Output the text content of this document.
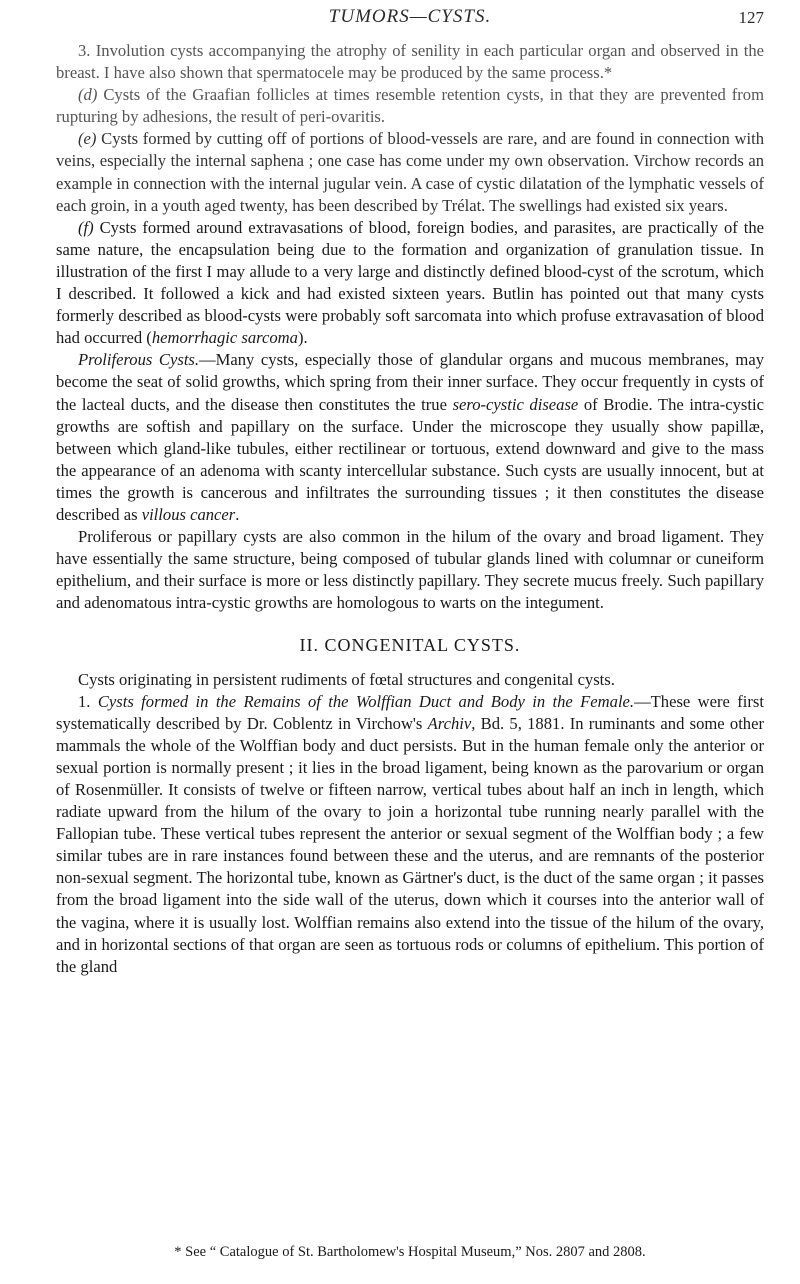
TUMORS—CYSTS.	127

3. Involution cysts accompanying the atrophy of senility in each particular organ and observed in the breast. I have also shown that spermatocele may be produced by the same process.*

(d) Cysts of the Graafian follicles at times resemble retention cysts, in that they are prevented from rupturing by adhesions, the result of peri-ovaritis.

(e) Cysts formed by cutting off of portions of blood-vessels are rare, and are found in connection with veins, especially the internal saphena ; one case has come under my own observation. Virchow records an example in connection with the internal jugular vein. A case of cystic dilatation of the lymphatic vessels of each groin, in a youth aged twenty, has been described by Trélat. The swellings had existed six years.

(f) Cysts formed around extravasations of blood, foreign bodies, and parasites, are practically of the same nature, the encapsulation being due to the formation and organization of granulation tissue. In illustration of the first I may allude to a very large and distinctly defined blood-cyst of the scrotum, which I described. It followed a kick and had existed sixteen years. Butlin has pointed out that many cysts formerly described as blood-cysts were probably soft sarcomata into which profuse extravasation of blood had occurred (hemorrhagic sarcoma).

Proliferous Cysts.—Many cysts, especially those of glandular organs and mucous membranes, may become the seat of solid growths, which spring from their inner surface. They occur frequently in cysts of the lacteal ducts, and the disease then constitutes the true sero-cystic disease of Brodie. The intra-cystic growths are softish and papillary on the surface. Under the microscope they usually show papillæ, between which gland-like tubules, either rectilinear or tortuous, extend downward and give to the mass the appearance of an adenoma with scanty intercellular substance. Such cysts are usually innocent, but at times the growth is cancerous and infiltrates the surrounding tissues ; it then constitutes the disease described as villous cancer.

Proliferous or papillary cysts are also common in the hilum of the ovary and broad ligament. They have essentially the same structure, being composed of tubular glands lined with columnar or cuneiform epithelium, and their surface is more or less distinctly papillary. They secrete mucus freely. Such papillary and adenomatous intra-cystic growths are homologous to warts on the integument.

II. CONGENITAL CYSTS.

Cysts originating in persistent rudiments of fœtal structures and congenital cysts.

1. Cysts formed in the Remains of the Wolffian Duct and Body in the Female.—These were first systematically described by Dr. Coblentz in Virchow's Archiv, Bd. 5, 1881. In ruminants and some other mammals the whole of the Wolffian body and duct persists. But in the human female only the anterior or sexual portion is normally present ; it lies in the broad ligament, being known as the parovarium or organ of Rosenmüller. It consists of twelve or fifteen narrow, vertical tubes about half an inch in length, which radiate upward from the hilum of the ovary to join a horizontal tube running nearly parallel with the Fallopian tube. These vertical tubes represent the anterior or sexual segment of the Wolffian body ; a few similar tubes are in rare instances found between these and the uterus, and are remnants of the posterior non-sexual segment. The horizontal tube, known as Gärtner's duct, is the duct of the same organ ; it passes from the broad ligament into the side wall of the uterus, down which it courses into the anterior wall of the vagina, where it is usually lost. Wolffian remains also extend into the tissue of the hilum of the ovary, and in horizontal sections of that organ are seen as tortuous rods or columns of epithelium. This portion of the gland

* See “ Catalogue of St. Bartholomew's Hospital Museum,” Nos. 2807 and 2808.
